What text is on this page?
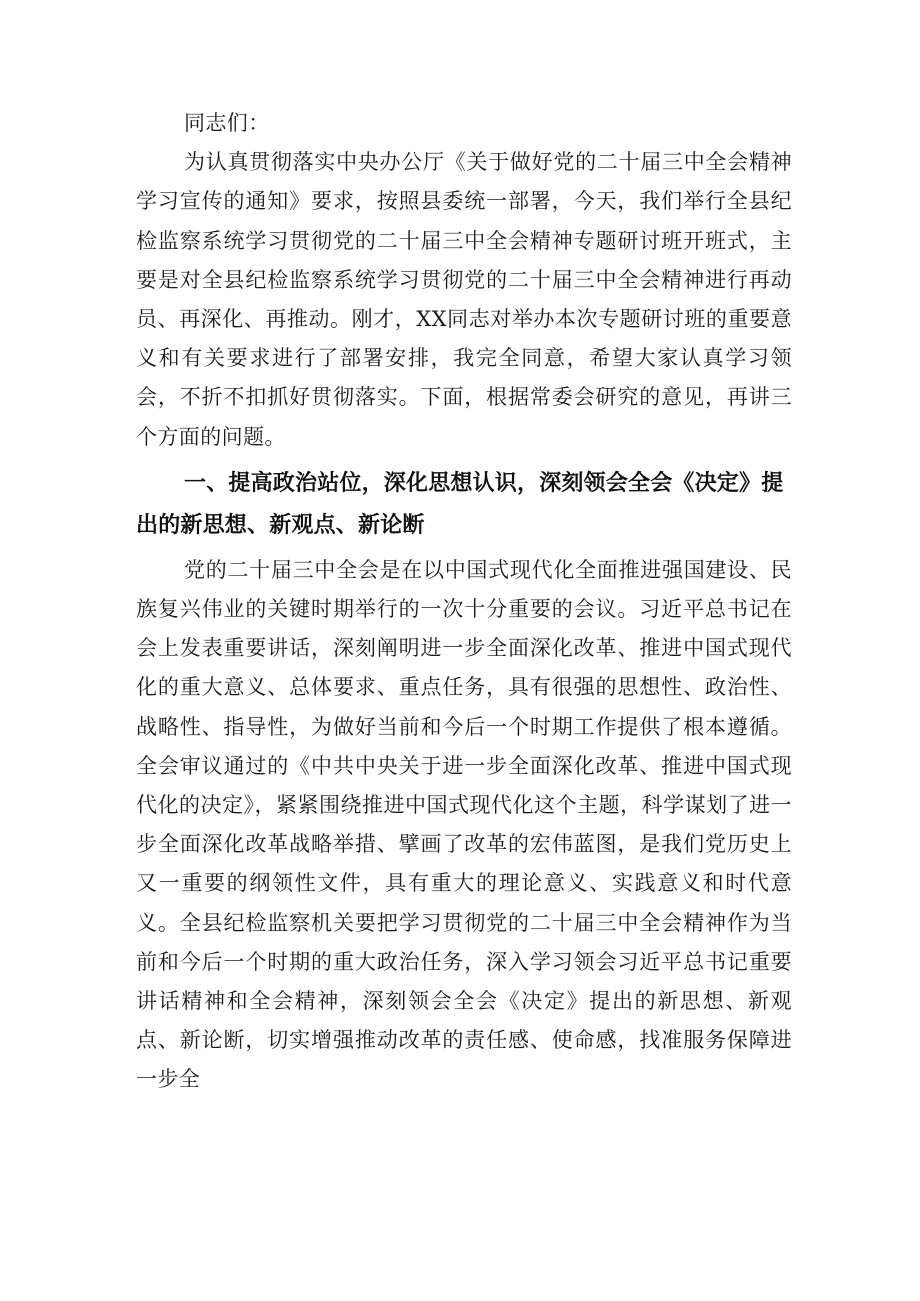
同志们：

为认真贯彻落实中央办公厅《关于做好党的二十届三中全会精神学习宣传的通知》要求，按照县委统一部署，今天，我们举行全县纪检监察系统学习贯彻党的二十届三中全会精神专题研讨班开班式，主要是对全县纪检监察系统学习贯彻党的二十届三中全会精神进行再动员、再深化、再推动。刚才，XX同志对举办本次专题研讨班的重要意义和有关要求进行了部署安排，我完全同意，希望大家认真学习领会，不折不扣抓好贯彻落实。下面，根据常委会研究的意见，再讲三个方面的问题。

一、提高政治站位，深化思想认识，深刻领会全会《决定》提出的新思想、新观点、新论断

党的二十届三中全会是在以中国式现代化全面推进强国建设、民族复兴伟业的关键时期举行的一次十分重要的会议。习近平总书记在会上发表重要讲话，深刻阐明进一步全面深化改革、推进中国式现代化的重大意义、总体要求、重点任务，具有很强的思想性、政治性、战略性、指导性，为做好当前和今后一个时期工作提供了根本遵循。全会审议通过的《中共中央关于进一步全面深化改革、推进中国式现代化的决定》，紧紧围绕推进中国式现代化这个主题，科学谋划了进一步全面深化改革战略举措、擘画了改革的宏伟蓝图，是我们党历史上又一重要的纲领性文件，具有重大的理论意义、实践意义和时代意义。全县纪检监察机关要把学习贯彻党的二十届三中全会精神作为当前和今后一个时期的重大政治任务，深入学习领会习近平总书记重要讲话精神和全会精神，深刻领会全会《决定》提出的新思想、新观点、新论断，切实增强推动改革的责任感、使命感，找准服务保障进一步全
